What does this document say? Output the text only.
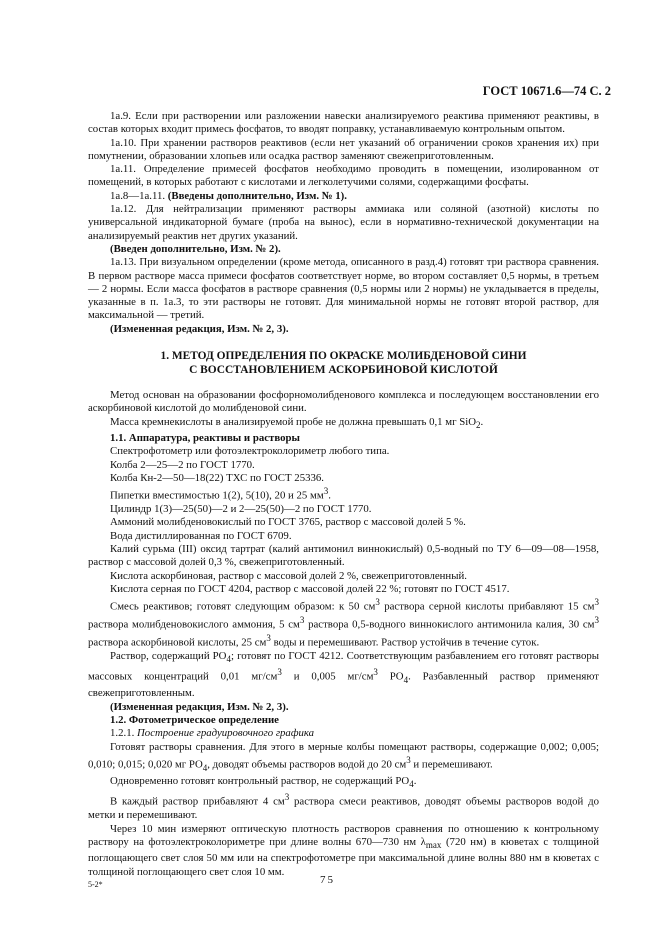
ГОСТ 10671.6—74 С. 2

1а.9. Если при растворении или разложении навески анализируемого реактива применяют реактивы, в состав которых входит примесь фосфатов, то вводят поправку, устанавливаемую контрольным опытом.

1а.10. При хранении растворов реактивов (если нет указаний об ограничении сроков хранения их) при помутнении, образовании хлопьев или осадка раствор заменяют свежеприготовленным.

1а.11. Определение примесей фосфатов необходимо проводить в помещении, изолированном от помещений, в которых работают с кислотами и легколетучими солями, содержащими фосфаты.

1а.8—1а.11. (Введены дополнительно, Изм. № 1).

1а.12. Для нейтрализации применяют растворы аммиака или соляной (азотной) кислоты по универсальной индикаторной бумаге (проба на вынос), если в нормативно-технической документации на анализируемый реактив нет других указаний.

(Введен дополнительно, Изм. № 2).

1а.13. При визуальном определении (кроме метода, описанного в разд.4) готовят три раствора сравнения. В первом растворе масса примеси фосфатов соответствует норме, во втором составляет 0,5 нормы, в третьем — 2 нормы. Если масса фосфатов в растворе сравнения (0,5 нормы или 2 нормы) не укладывается в пределы, указанные в п. 1а.3, то эти растворы не готовят. Для минимальной нормы не готовят второй раствор, для максимальной — третий.

(Измененная редакция, Изм. № 2, 3).

1. МЕТОД ОПРЕДЕЛЕНИЯ ПО ОКРАСКЕ МОЛИБДЕНОВОЙ СИНИ
С ВОССТАНОВЛЕНИЕМ АСКОРБИНОВОЙ КИСЛОТОЙ

Метод основан на образовании фосфорномолибденового комплекса и последующем восстановлении его аскорбиновой кислотой до молибденовой сини.

Масса кремнекислоты в анализируемой пробе не должна превышать 0,1 мг SiO$_2$.

1.1. Аппаратура, реактивы и растворы

Спектрофотометр или фотоэлектроколориметр любого типа.

Колба 2—25—2 по ГОСТ 1770.

Колба Кн-2—50—18(22) ТХС по ГОСТ 25336.

Пипетки вместимостью 1(2), 5(10), 20 и 25 $мм^3$.

Цилиндр 1(3)—25(50)—2 и 2—25(50)—2 по ГОСТ 1770.

Аммоний молибденовокислый по ГОСТ 3765, раствор с массовой долей 5 %.

Вода дистиллированная по ГОСТ 6709.

Калий сурьма (III) оксид тартрат (калий антимонил виннокислый) 0,5-водный по ТУ 6—09—08—1958, раствор с массовой долей 0,3 %, свежеприготовленный.

Кислота аскорбиновая, раствор с массовой долей 2 %, свежеприготовленный.

Кислота серная по ГОСТ 4204, раствор с массовой долей 22 %; готовят по ГОСТ 4517.

Смесь реактивов; готовят следующим образом: к 50 $см^3$ раствора серной кислоты прибавляют 15 $см^3$ раствора молибденовокислого аммония, 5 $см^3$ раствора 0,5-водного виннокислого антимонила калия, 30 $см^3$ раствора аскорбиновой кислоты, 25 $см^3$ воды и перемешивают. Раствор устойчив в течение суток.

Раствор, содержащий $PO_4$; готовят по ГОСТ 4212. Соответствующим разбавлением его готовят растворы массовых концентраций 0,01 $мг/см^3$ и 0,005 $мг/см^3$ $PO_4$. Разбавленный раствор применяют свежеприготовленным.

(Измененная редакция, Изм. № 2, 3).

1.2. Фотометрическое определение

1.2.1. Построение градуировочного графика

Готовят растворы сравнения. Для этого в мерные колбы помещают растворы, содержащие 0,002; 0,005; 0,010; 0,015; 0,020 мг $PO_4$, доводят объемы растворов водой до 20 $см^3$ и перемешивают.

Одновременно готовят контрольный раствор, не содержащий $PO_4$.

В каждый раствор прибавляют 4 $см^3$ раствора смеси реактивов, доводят объемы растворов водой до метки и перемешивают.

Через 10 мин измеряют оптическую плотность растворов сравнения по отношению к контрольному раствору на фотоэлектроколориметре при длине волны 670—730 нм $\lambda_{max}$ (720 нм) в кюветах с толщиной поглощающего свет слоя 50 мм или на спектрофотометре при максимальной длине волны 880 нм в кюветах с толщиной поглощающего свет слоя 10 мм.

5-2*	75
